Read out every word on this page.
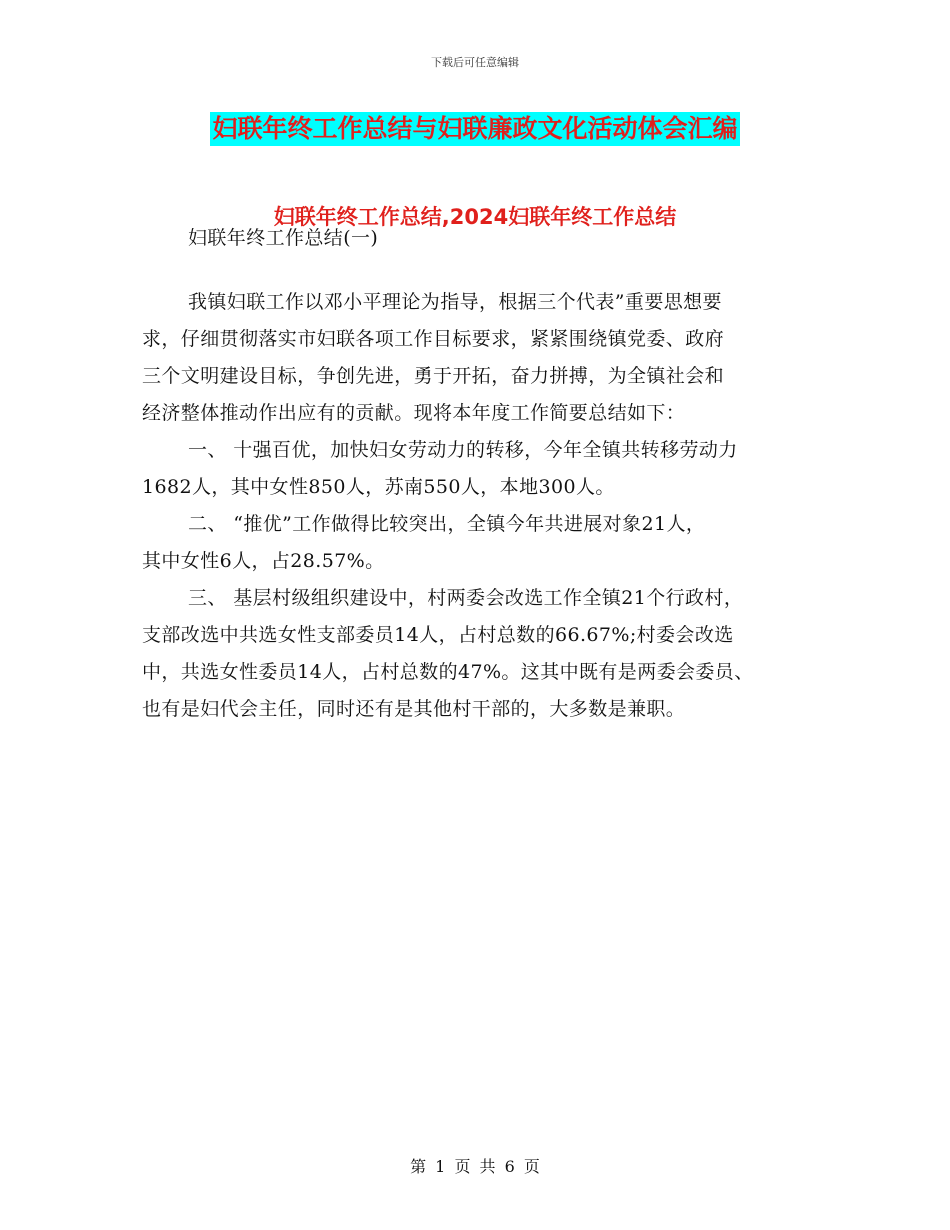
下载后可任意编辑
妇联年终工作总结与妇联廉政文化活动体会汇编
妇联年终工作总结,2024妇联年终工作总结
妇联年终工作总结(一)
我镇妇联工作以邓小平理论为指导，根据三个代表”重要思想要
求，仔细贯彻落实市妇联各项工作目标要求，紧紧围绕镇党委、政府
三个文明建设目标，争创先进，勇于开拓，奋力拼搏，为全镇社会和
经济整体推动作出应有的贡献。现将本年度工作简要总结如下：
一、 十强百优，加快妇女劳动力的转移，今年全镇共转移劳动力
1682人，其中女性850人，苏南550人，本地300人。
二、 “推优”工作做得比较突出，全镇今年共进展对象21人，
其中女性6人，占28.57%。
三、 基层村级组织建设中，村两委会改选工作全镇21个行政村，
支部改选中共选女性支部委员14人，占村总数的66.67%;村委会改选
中，共选女性委员14人，占村总数的47%。这其中既有是两委会委员、
也有是妇代会主任，同时还有是其他村干部的，大多数是兼职。
第 1 页 共 6 页
